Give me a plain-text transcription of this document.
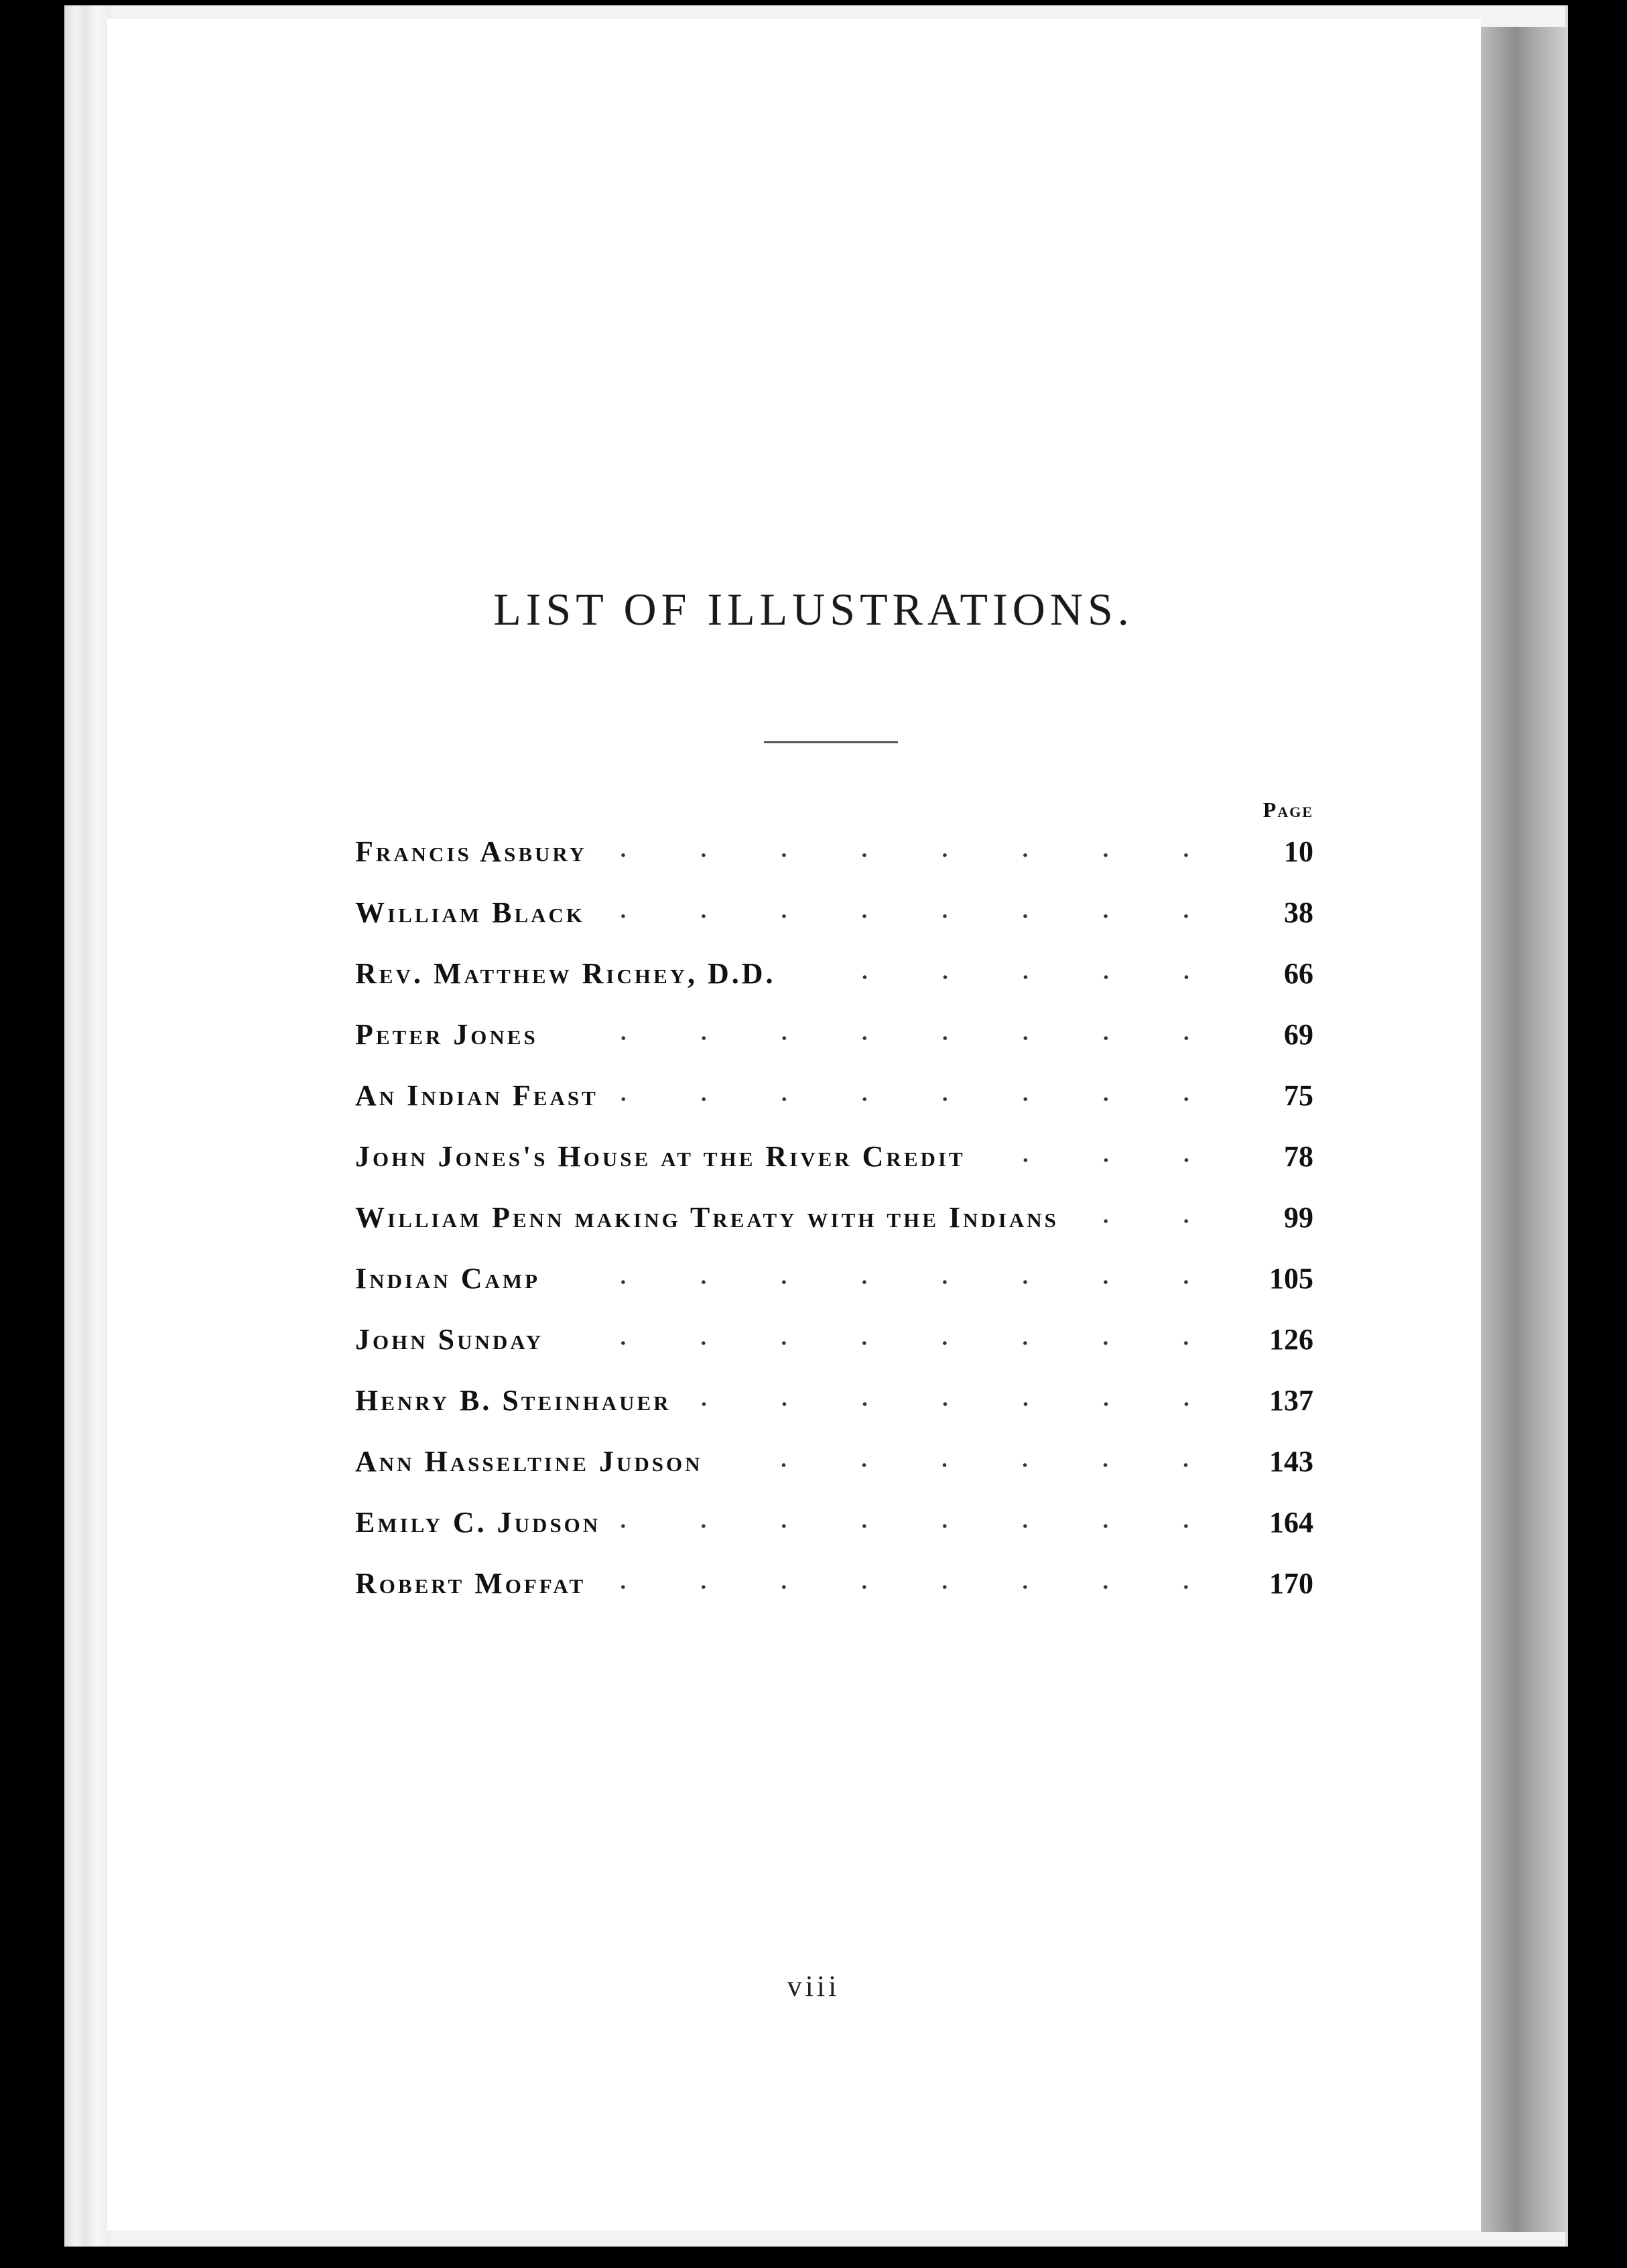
LIST OF ILLUSTRATIONS.
Page
Francis Asbury	10
William Black	38
Rev. Matthew Richey, D.D.	66
Peter Jones	69
An Indian Feast	75
John Jones's House at the River Credit	78
William Penn making Treaty with the Indians	99
Indian Camp	105
John Sunday	126
Henry B. Steinhauer	137
Ann Hasseltine Judson	143
Emily C. Judson	164
Robert Moffat	170
viii
